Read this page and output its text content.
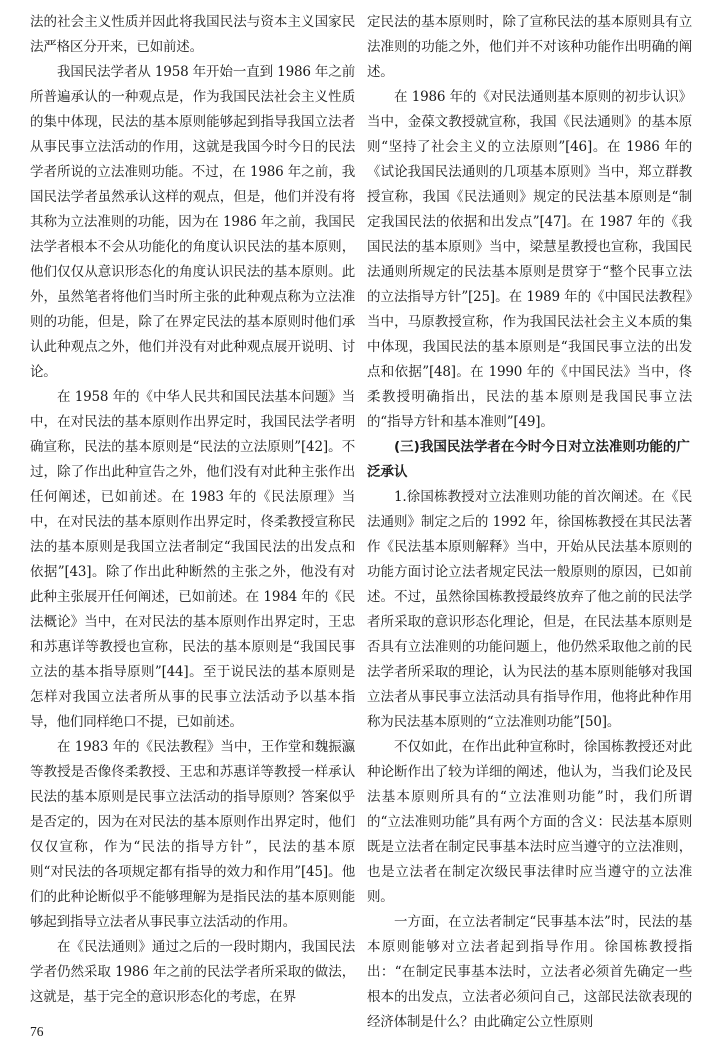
法的社会主义性质并因此将我国民法与资本主义国家民法严格区分开来，已如前述。

我国民法学者从 1958 年开始一直到 1986 年之前所普遍承认的一种观点是，作为我国民法社会主义性质的集中体现，民法的基本原则能够起到指导我国立法者从事民事立法活动的作用，这就是我国今时今日的民法学者所说的立法准则功能。不过，在 1986 年之前，我国民法学者虽然承认这样的观点，但是，他们并没有将其称为立法准则的功能，因为在 1986 年之前，我国民法学者根本不会从功能化的角度认识民法的基本原则，他们仅仅从意识形态化的角度认识民法的基本原则。此外，虽然笔者将他们当时所主张的此种观点称为立法准则的功能，但是，除了在界定民法的基本原则时他们承认此种观点之外，他们并没有对此种观点展开说明、讨论。

在 1958 年的《中华人民共和国民法基本问题》当中，在对民法的基本原则作出界定时，我国民法学者明确宣称，民法的基本原则是“民法的立法原则”[42]。不过，除了作出此种宣告之外，他们没有对此种主张作出任何阐述，已如前述。在 1983 年的《民法原理》当中，在对民法的基本原则作出界定时，佟柔教授宣称民法的基本原则是我国立法者制定“我国民法的出发点和依据”[43]。除了作出此种断然的主张之外，他没有对此种主张展开任何阐述，已如前述。在 1984 年的《民法概论》当中，在对民法的基本原则作出界定时，王忠和苏惠详等教授也宣称，民法的基本原则是“我国民事立法的基本指导原则”[44]。至于说民法的基本原则是怎样对我国立法者所从事的民事立法活动予以基本指导，他们同样绝口不提，已如前述。

在 1983 年的《民法教程》当中，王作堂和魏振瀛等教授是否像佟柔教授、王忠和苏惠详等教授一样承认民法的基本原则是民事立法活动的指导原则？答案似乎是否定的，因为在对民法的基本原则作出界定时，他们仅仅宣称，作为“民法的指导方针”，民法的基本原则“对民法的各项规定都有指导的效力和作用”[45]。他们的此种论断似乎不能够理解为是指民法的基本原则能够起到指导立法者从事民事立法活动的作用。

在《民法通则》通过之后的一段时期内，我国民法学者仍然采取 1986 年之前的民法学者所采取的做法，这就是，基于完全的意识形态化的考虑，在界

定民法的基本原则时，除了宣称民法的基本原则具有立法准则的功能之外，他们并不对该种功能作出明确的阐述。

在 1986 年的《对民法通则基本原则的初步认识》当中，金葆文教授就宣称，我国《民法通则》的基本原则“坚持了社会主义的立法原则”[46]。在 1986 年的《试论我国民法通则的几项基本原则》当中，郑立群教授宣称，我国《民法通则》规定的民法基本原则是“制定我国民法的依据和出发点”[47]。在 1987 年的《我国民法的基本原则》当中，梁慧星教授也宣称，我国民法通则所规定的民法基本原则是贯穿于“整个民事立法的立法指导方针”[25]。在 1989 年的《中国民法教程》当中，马原教授宣称，作为我国民法社会主义本质的集中体现，我国民法的基本原则是“我国民事立法的出发点和依据”[48]。在 1990 年的《中国民法》当中，佟柔教授明确指出，民法的基本原则是我国民事立法的“指导方针和基本准则”[49]。

(三)我国民法学者在今时今日对立法准则功能的广泛承认

1.徐国栋教授对立法准则功能的首次阐述。在《民法通则》制定之后的 1992 年，徐国栋教授在其民法著作《民法基本原则解释》当中，开始从民法基本原则的功能方面讨论立法者规定民法一般原则的原因，已如前述。不过，虽然徐国栋教授最终放弃了他之前的民法学者所采取的意识形态化理论，但是，在民法基本原则是否具有立法准则的功能问题上，他仍然采取他之前的民法学者所采取的理论，认为民法的基本原则能够对我国立法者从事民事立法活动具有指导作用，他将此种作用称为民法基本原则的“立法准则功能”[50]。

不仅如此，在作出此种宣称时，徐国栋教授还对此种论断作出了较为详细的阐述，他认为，当我们论及民法基本原则所具有的“立法准则功能”时，我们所谓的“立法准则功能”具有两个方面的含义：民法基本原则既是立法者在制定民事基本法时应当遵守的立法准则，也是立法者在制定次级民事法律时应当遵守的立法准则。

一方面，在立法者制定“民事基本法”时，民法的基本原则能够对立法者起到指导作用。徐国栋教授指出：“在制定民事基本法时，立法者必须首先确定一些根本的出发点，立法者必须问自己，这部民法欲表现的经济体制是什么？由此确定公立性原则

76
